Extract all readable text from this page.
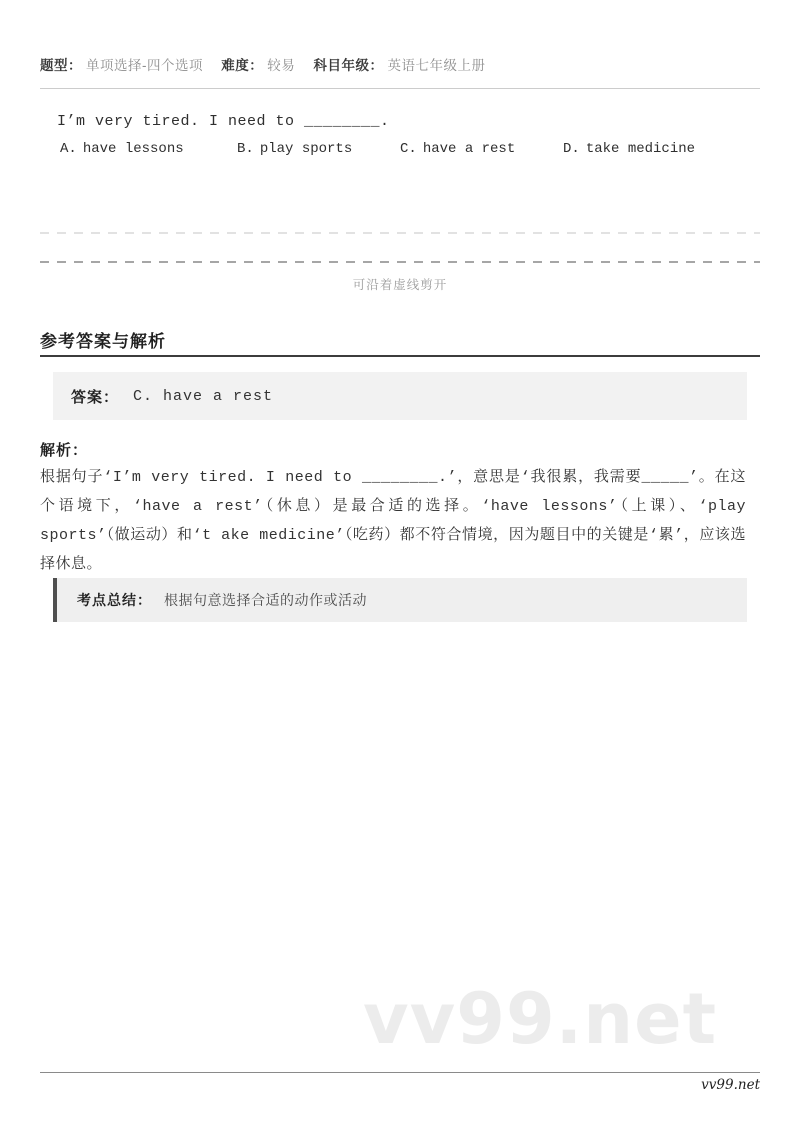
题型： 单项选择-四个选项 难度： 较易 科目年级： 英语七年级上册
I’m very tired. I need to ________.
A. have lessons	B. play sports	C. have a rest	D. take medicine
可沿着虚线剪开
参考答案与解析
答案： C. have a rest
解析：
根据句子‘I’m very tired. I need to ________.’，意思是‘我很累，我需要_____’。在这个语境下，‘have a rest’（休息）是最合适的选择。‘have lessons’（上课）、‘play sports’（做运动）和‘t ake medicine’（吃药）都不符合情境，因为题目中的关键是‘累’，应该选择休息。
考点总结： 根据句意选择合适的动作或活动
vv99.net
vv99.net
